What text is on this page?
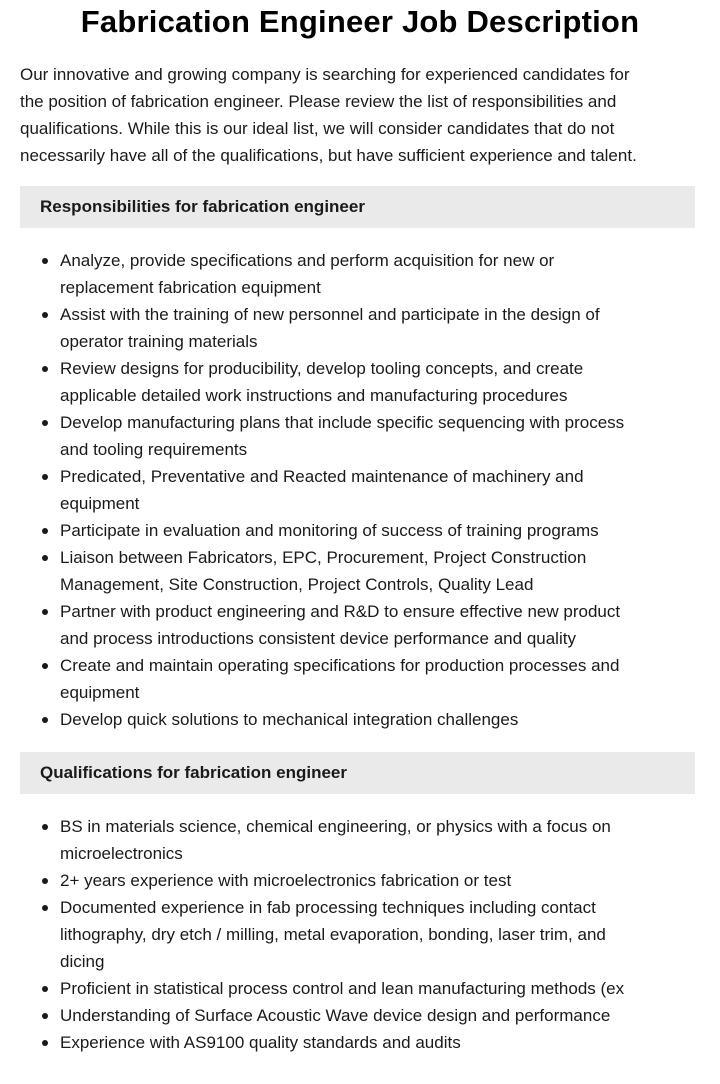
Fabrication Engineer Job Description
Our innovative and growing company is searching for experienced candidates for
the position of fabrication engineer. Please review the list of responsibilities and
qualifications. While this is our ideal list, we will consider candidates that do not
necessarily have all of the qualifications, but have sufficient experience and talent.
Responsibilities for fabrication engineer
Analyze, provide specifications and perform acquisition for new or
replacement fabrication equipment
Assist with the training of new personnel and participate in the design of
operator training materials
Review designs for producibility, develop tooling concepts, and create
applicable detailed work instructions and manufacturing procedures
Develop manufacturing plans that include specific sequencing with process
and tooling requirements
Predicated, Preventative and Reacted maintenance of machinery and
equipment
Participate in evaluation and monitoring of success of training programs
Liaison between Fabricators, EPC, Procurement, Project Construction
Management, Site Construction, Project Controls, Quality Lead
Partner with product engineering and R&D to ensure effective new product
and process introductions consistent device performance and quality
Create and maintain operating specifications for production processes and
equipment
Develop quick solutions to mechanical integration challenges
Qualifications for fabrication engineer
BS in materials science, chemical engineering, or physics with a focus on
microelectronics
2+ years experience with microelectronics fabrication or test
Documented experience in fab processing techniques including contact
lithography, dry etch / milling, metal evaporation, bonding, laser trim, and
dicing
Proficient in statistical process control and lean manufacturing methods (ex
Understanding of Surface Acoustic Wave device design and performance
Experience with AS9100 quality standards and audits
